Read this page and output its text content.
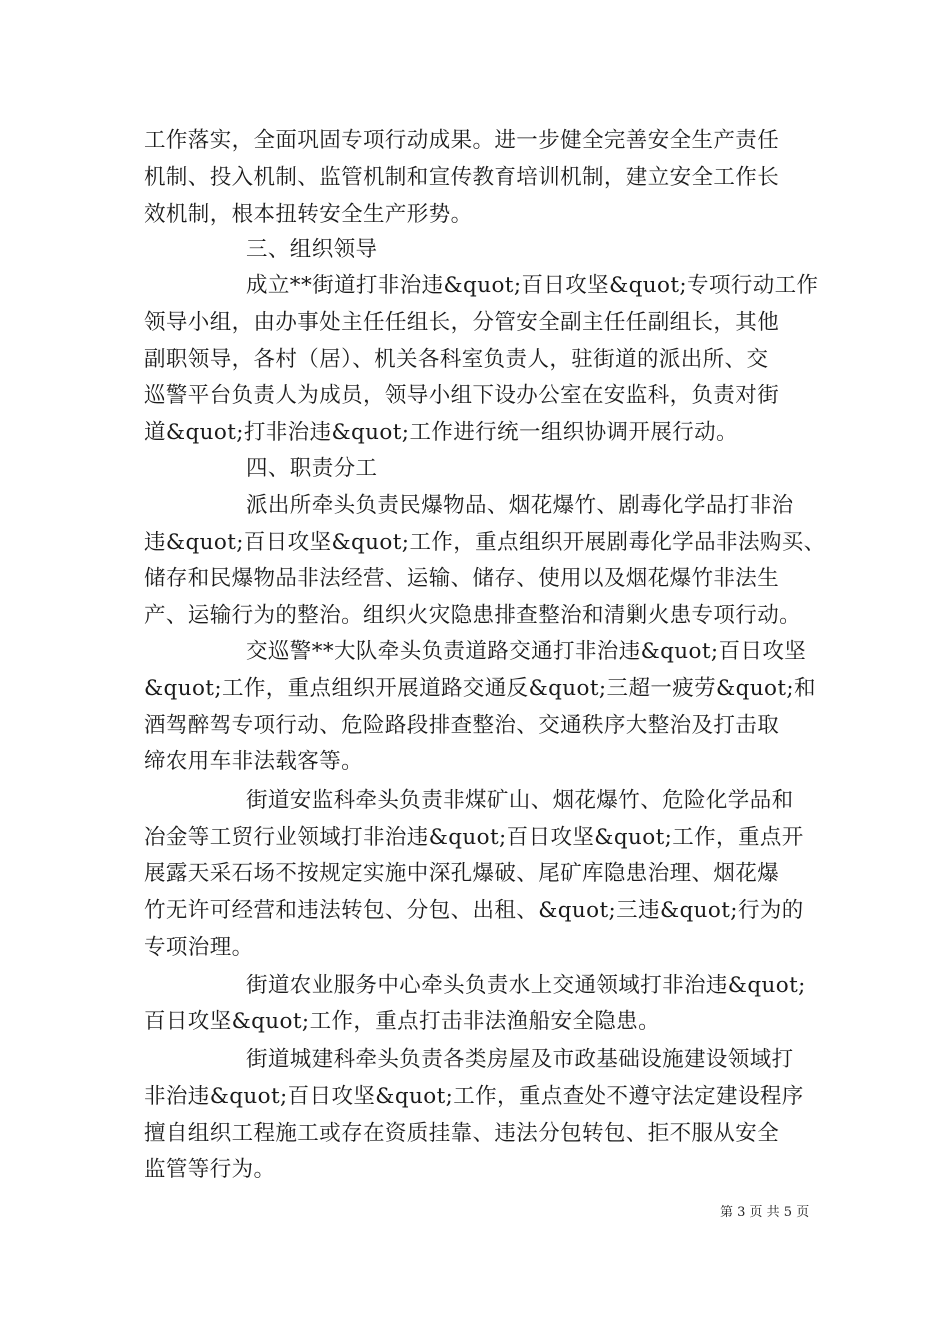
工作落实，全面巩固专项行动成果。进一步健全完善安全生产责任
机制、投入机制、监管机制和宣传教育培训机制，建立安全工作长
效机制，根本扭转安全生产形势。
三、组织领导
成立**街道打非治违&quot;百日攻坚&quot;专项行动工作
领导小组，由办事处主任任组长，分管安全副主任任副组长，其他
副职领导，各村（居）、机关各科室负责人，驻街道的派出所、交
巡警平台负责人为成员，领导小组下设办公室在安监科，负责对街
道&quot;打非治违&quot;工作进行统一组织协调开展行动。
四、职责分工
派出所牵头负责民爆物品、烟花爆竹、剧毒化学品打非治
违&quot;百日攻坚&quot;工作，重点组织开展剧毒化学品非法购买、
储存和民爆物品非法经营、运输、储存、使用以及烟花爆竹非法生
产、运输行为的整治。组织火灾隐患排查整治和清剿火患专项行动。
交巡警**大队牵头负责道路交通打非治违&quot;百日攻坚
&quot;工作，重点组织开展道路交通反&quot;三超一疲劳&quot;和
酒驾醉驾专项行动、危险路段排查整治、交通秩序大整治及打击取
缔农用车非法载客等。
街道安监科牵头负责非煤矿山、烟花爆竹、危险化学品和
冶金等工贸行业领域打非治违&quot;百日攻坚&quot;工作，重点开
展露天采石场不按规定实施中深孔爆破、尾矿库隐患治理、烟花爆
竹无许可经营和违法转包、分包、出租、&quot;三违&quot;行为的
专项治理。
街道农业服务中心牵头负责水上交通领域打非治违&quot;
百日攻坚&quot;工作，重点打击非法渔船安全隐患。
街道城建科牵头负责各类房屋及市政基础设施建设领域打
非治违&quot;百日攻坚&quot;工作，重点查处不遵守法定建设程序
擅自组织工程施工或存在资质挂靠、违法分包转包、拒不服从安全
监管等行为。
第 3 页 共 5 页
